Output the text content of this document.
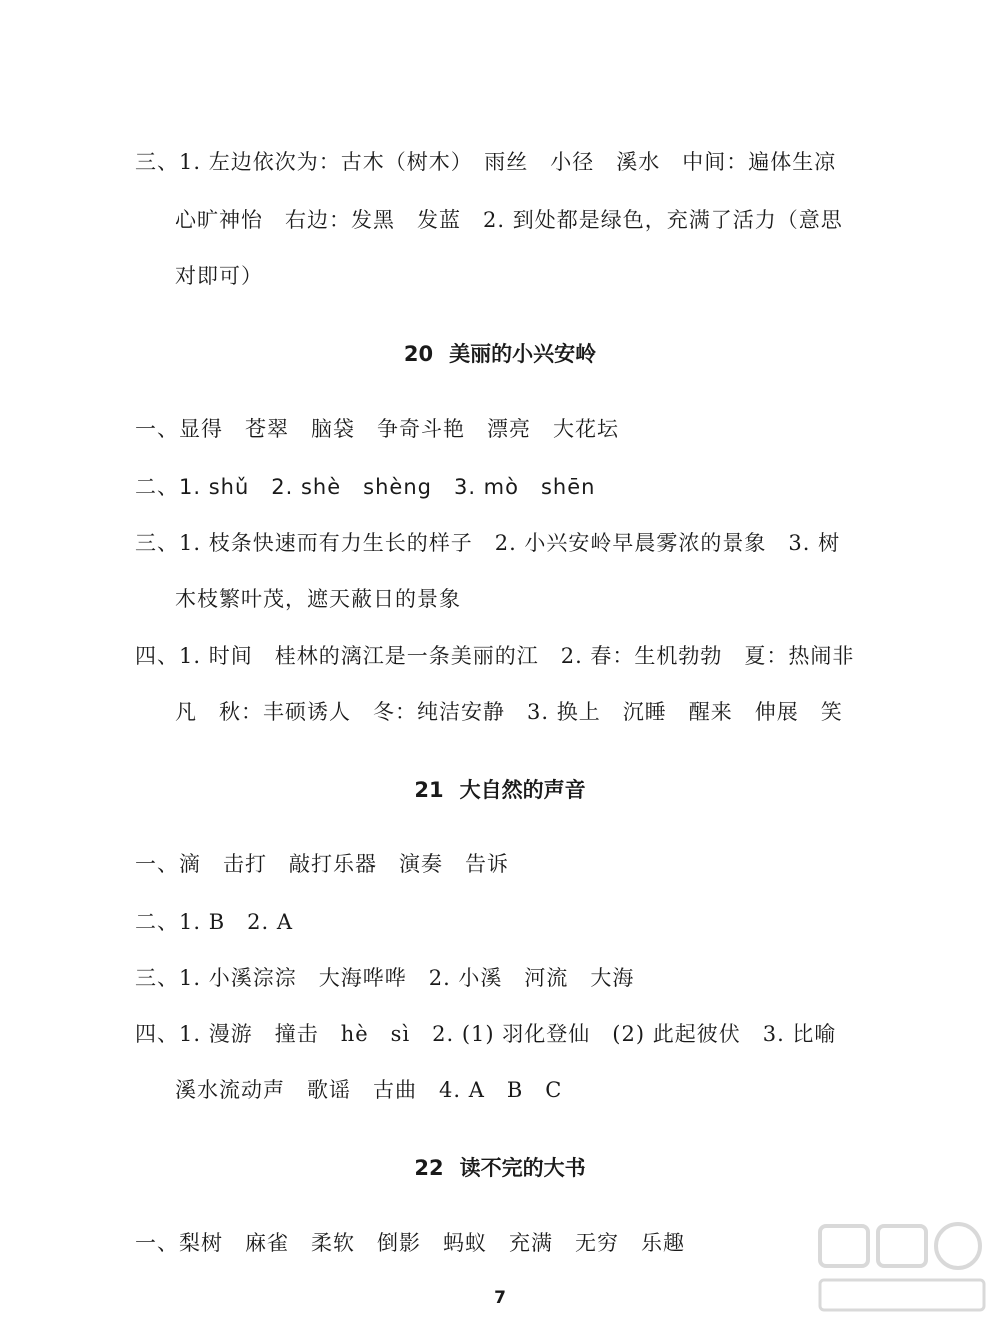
三、1. 左边依次为：古木（树木）　雨丝　小径　溪水　中间：遍体生凉
心旷神怡　右边：发黑　发蓝　2. 到处都是绿色，充满了活力（意思
对即可）
20 美丽的小兴安岭
一、显得　苍翠　脑袋　争奇斗艳　漂亮　大花坛
二、1. shǔ　2. shè　shèng　3. mò　shēn
三、1. 枝条快速而有力生长的样子　2. 小兴安岭早晨雾浓的景象　3. 树
木枝繁叶茂，遮天蔽日的景象
四、1. 时间　桂林的漓江是一条美丽的江　2. 春：生机勃勃　夏：热闹非
凡　秋：丰硕诱人　冬：纯洁安静　3. 换上　沉睡　醒来　伸展　笑
21 大自然的声音
一、滴　击打　敲打乐器　演奏　告诉
二、1. B　2. A
三、1. 小溪淙淙　大海哗哗　2. 小溪　河流　大海
四、1. 漫游　撞击　hè　sì　2. (1) 羽化登仙　(2) 此起彼伏　3. 比喻
溪水流动声　歌谣　古曲　4. A　B　C
22 读不完的大书
一、梨树　麻雀　柔软　倒影　蚂蚁　充满　无穷　乐趣
7
